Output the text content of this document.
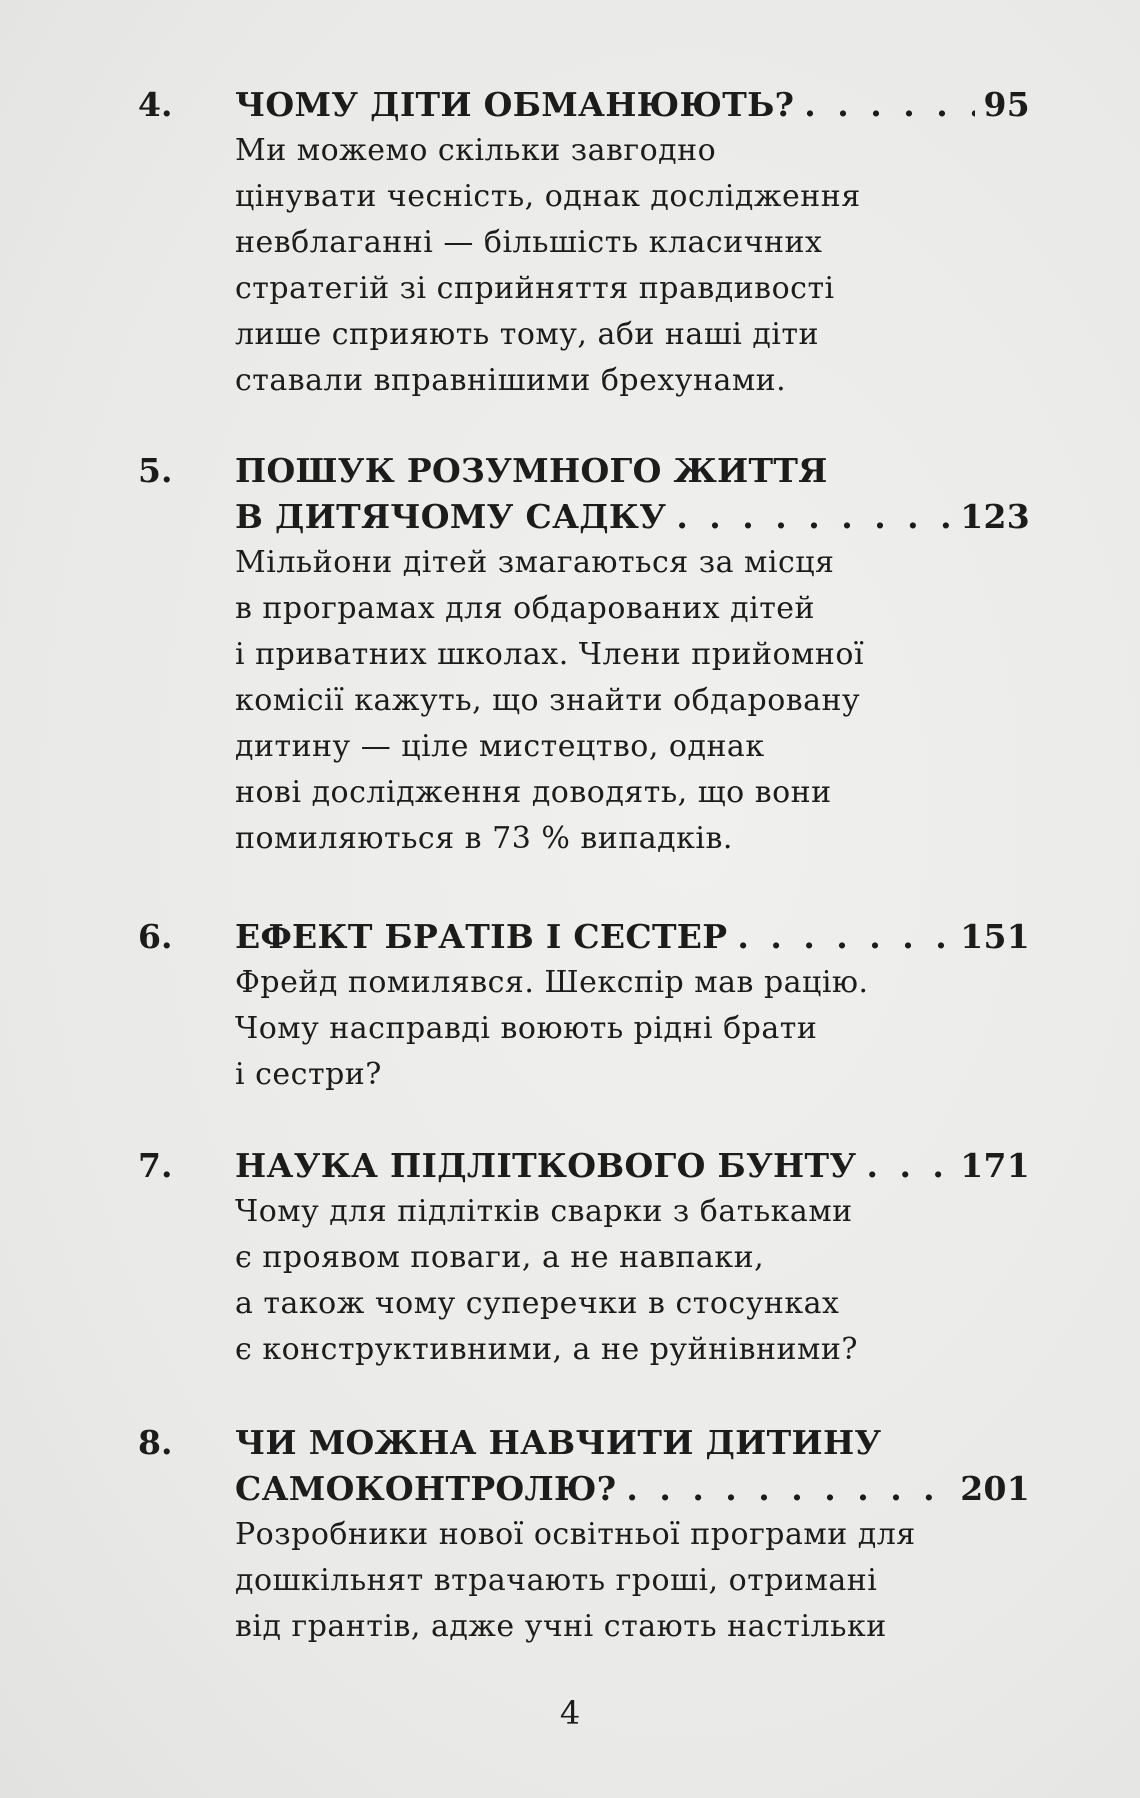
4. ЧОМУ ДІТИ ОБМАНЮЮТЬ? . . .	95
Ми можемо скільки завгодно
цінувати чесність, однак дослідження
невблаганні — більшість класичних
стратегій зі сприйняття правдивості
лише сприяють тому, аби наші діти
ставали вправнішими брехунами.
5. ПОШУК РОЗУМНОГО ЖИТТЯ
В ДИТЯЧОМУ САДКУ . . .	123
Мільйони дітей змагаються за місця
в програмах для обдарованих дітей
і приватних школах. Члени прийомної
комісії кажуть, що знайти обдаровану
дитину — ціле мистецтво, однак
нові дослідження доводять, що вони
помиляються в 73 % випадків.
6. ЕФЕКТ БРАТІВ І СЕСТЕР . . .	151
Фрейд помилявся. Шекспір мав рацію.
Чому насправді воюють рідні брати
і сестри?
7. НАУКА ПІДЛІТКОВОГО БУНТУ . . .	171
Чому для підлітків сварки з батьками
є проявом поваги, а не навпаки,
а також чому суперечки в стосунках
є конструктивними, а не руйнівними?
8. ЧИ МОЖНА НАВЧИТИ ДИТИНУ
САМОКОНТРОЛЮ? . . .	201
Розробники нової освітньої програми для
дошкільнят втрачають гроші, отримані
від грантів, адже учні стають настільки
4
